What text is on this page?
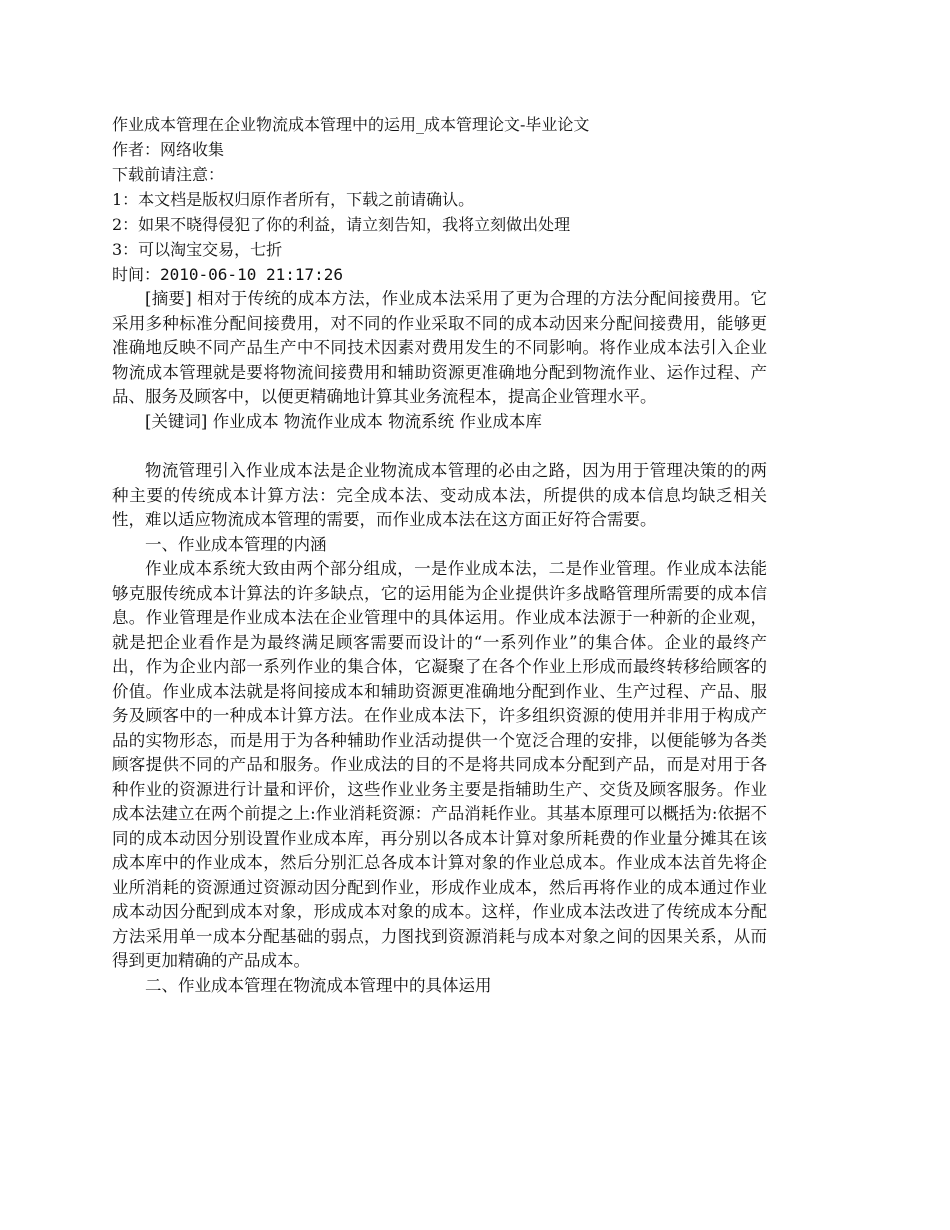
作业成本管理在企业物流成本管理中的运用_成本管理论文-毕业论文
作者：网络收集
下载前请注意：
1：本文档是版权归原作者所有，下载之前请确认。
2：如果不晓得侵犯了你的利益，请立刻告知，我将立刻做出处理
3：可以淘宝交易，七折
时间：2010-06-10 21:17:26

[摘要] 相对于传统的成本方法，作业成本法采用了更为合理的方法分配间接费用。它采用多种标准分配间接费用，对不同的作业采取不同的成本动因来分配间接费用，能够更准确地反映不同产品生产中不同技术因素对费用发生的不同影响。将作业成本法引入企业物流成本管理就是要将物流间接费用和辅助资源更准确地分配到物流作业、运作过程、产品、服务及顾客中，以便更精确地计算其业务流程本，提高企业管理水平。

[关键词] 作业成本 物流作业成本 物流系统 作业成本库

物流管理引入作业成本法是企业物流成本管理的必由之路，因为用于管理决策的的两种主要的传统成本计算方法：完全成本法、变动成本法，所提供的成本信息均缺乏相关性，难以适应物流成本管理的需要，而作业成本法在这方面正好符合需要。

一、作业成本管理的内涵

作业成本系统大致由两个部分组成，一是作业成本法，二是作业管理。作业成本法能够克服传统成本计算法的许多缺点，它的运用能为企业提供许多战略管理所需要的成本信息。作业管理是作业成本法在企业管理中的具体运用。作业成本法源于一种新的企业观，就是把企业看作是为最终满足顾客需要而设计的“一系列作业”的集合体。企业的最终产出，作为企业内部一系列作业的集合体，它凝聚了在各个作业上形成而最终转移给顾客的价值。作业成本法就是将间接成本和辅助资源更准确地分配到作业、生产过程、产品、服务及顾客中的一种成本计算方法。在作业成本法下，许多组织资源的使用并非用于构成产品的实物形态，而是用于为各种辅助作业活动提供一个宽泛合理的安排，以便能够为各类顾客提供不同的产品和服务。作业成法的目的不是将共同成本分配到产品，而是对用于各种作业的资源进行计量和评价，这些作业业务主要是指辅助生产、交货及顾客服务。作业成本法建立在两个前提之上:作业消耗资源：产品消耗作业。其基本原理可以概括为:依据不同的成本动因分别设置作业成本库，再分别以各成本计算对象所耗费的作业量分摊其在该成本库中的作业成本，然后分别汇总各成本计算对象的作业总成本。作业成本法首先将企业所消耗的资源通过资源动因分配到作业，形成作业成本，然后再将作业的成本通过作业成本动因分配到成本对象，形成成本对象的成本。这样，作业成本法改进了传统成本分配方法采用单一成本分配基础的弱点，力图找到资源消耗与成本对象之间的因果关系，从而得到更加精确的产品成本。

二、作业成本管理在物流成本管理中的具体运用
